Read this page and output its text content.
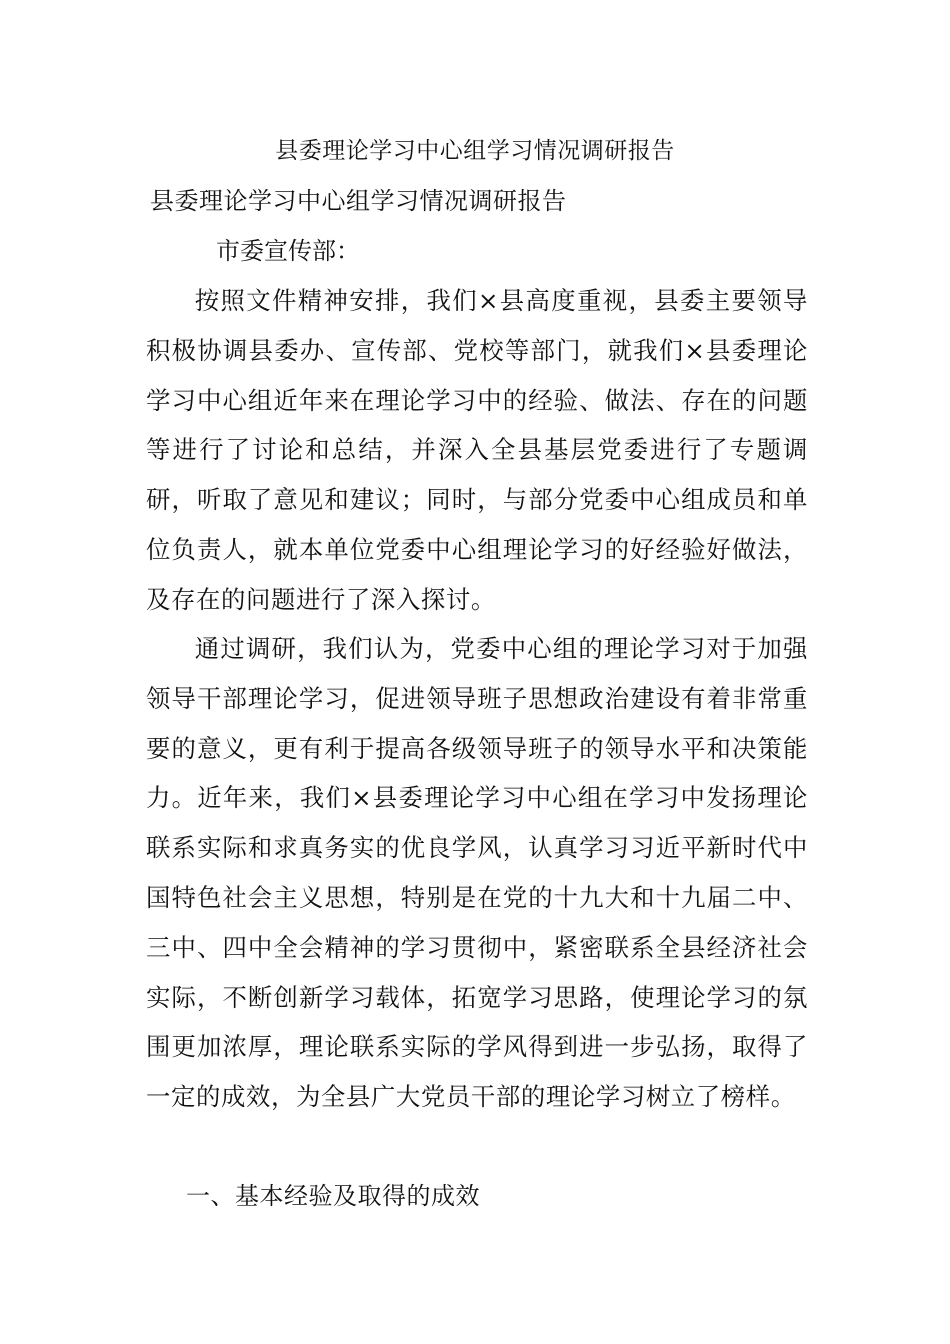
县委理论学习中心组学习情况调研报告

县委理论学习中心组学习情况调研报告

市委宣传部：

按照文件精神安排，我们×县高度重视，县委主要领导积极协调县委办、宣传部、党校等部门，就我们×县委理论学习中心组近年来在理论学习中的经验、做法、存在的问题等进行了讨论和总结，并深入全县基层党委进行了专题调研，听取了意见和建议；同时，与部分党委中心组成员和单位负责人，就本单位党委中心组理论学习的好经验好做法，及存在的问题进行了深入探讨。

通过调研，我们认为，党委中心组的理论学习对于加强领导干部理论学习，促进领导班子思想政治建设有着非常重要的意义，更有利于提高各级领导班子的领导水平和决策能力。近年来，我们×县委理论学习中心组在学习中发扬理论联系实际和求真务实的优良学风，认真学习习近平新时代中国特色社会主义思想，特别是在党的十九大和十九届二中、三中、四中全会精神的学习贯彻中，紧密联系全县经济社会实际，不断创新学习载体，拓宽学习思路，使理论学习的氛围更加浓厚，理论联系实际的学风得到进一步弘扬，取得了一定的成效，为全县广大党员干部的理论学习树立了榜样。

一、基本经验及取得的成效
